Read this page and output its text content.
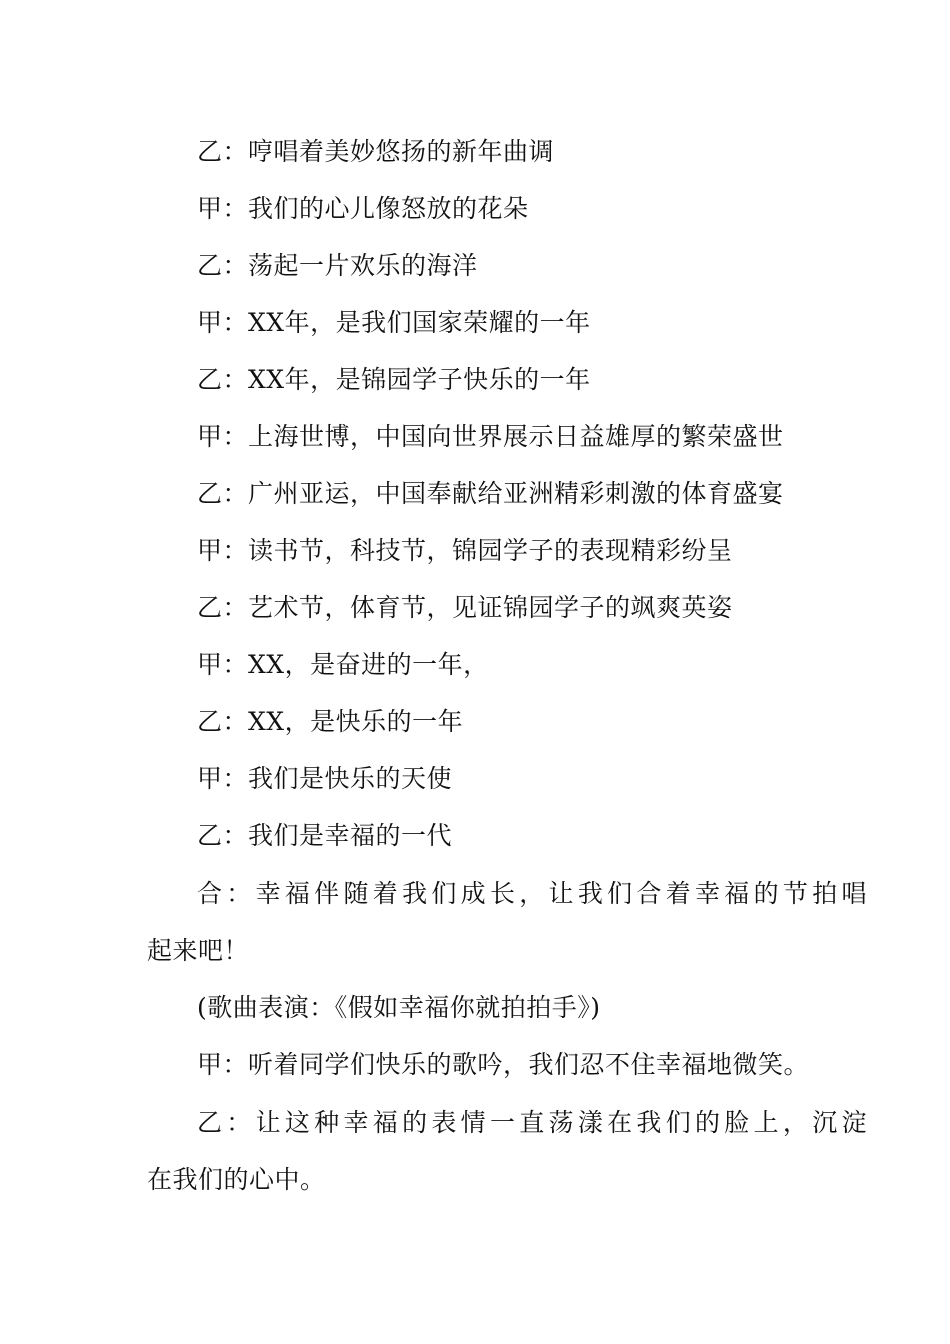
乙：哼唱着美妙悠扬的新年曲调
甲：我们的心儿像怒放的花朵
乙：荡起一片欢乐的海洋
甲：XX年，是我们国家荣耀的一年
乙：XX年，是锦园学子快乐的一年
甲：上海世博，中国向世界展示日益雄厚的繁荣盛世
乙：广州亚运，中国奉献给亚洲精彩刺激的体育盛宴
甲：读书节，科技节，锦园学子的表现精彩纷呈
乙：艺术节，体育节，见证锦园学子的飒爽英姿
甲：XX，是奋进的一年，
乙：XX，是快乐的一年
甲：我们是快乐的天使
乙：我们是幸福的一代
合：幸福伴随着我们成长，让我们合着幸福的节拍唱
起来吧！
(歌曲表演：《假如幸福你就拍拍手》)
甲：听着同学们快乐的歌吟，我们忍不住幸福地微笑。
乙：让这种幸福的表情一直荡漾在我们的脸上，沉淀
在我们的心中。
